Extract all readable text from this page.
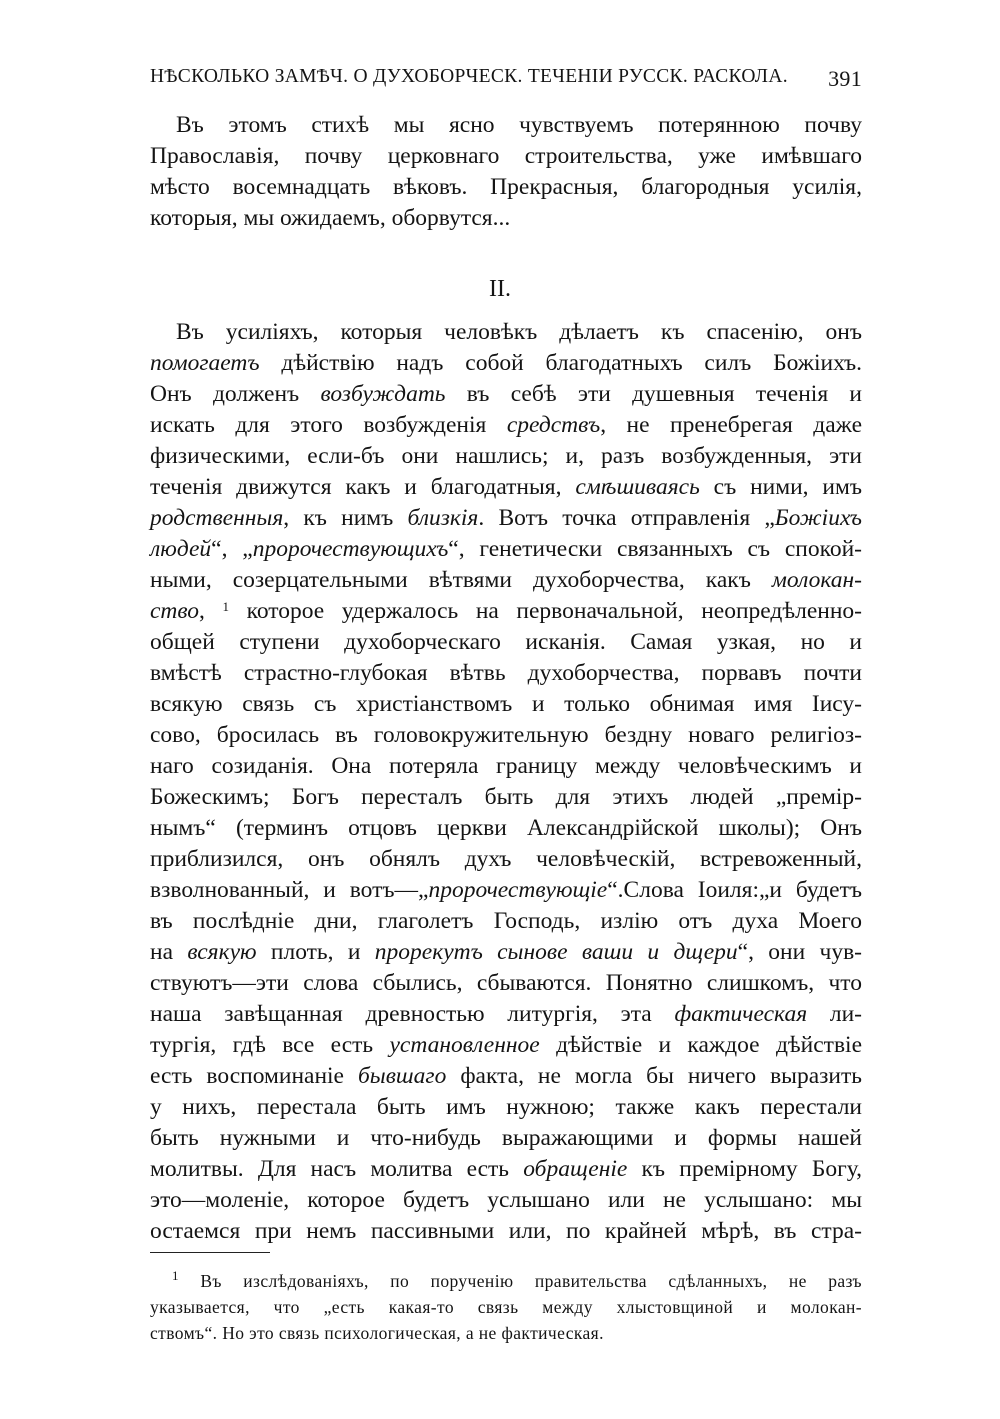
НѢСКОЛЬКО ЗАМѢЧ. О ДУХОБОРЧЕСК. ТЕЧЕНІИ РУССК. РАСКОЛА. 391
Въ этомъ стихѣ мы ясно чувствуемъ потерянною почву
Православія, почву церковнаго строительства, уже имѣвшаго
мѣсто восемнадцать вѣковъ. Прекрасныя, благородныя усилія,
которыя, мы ожидаемъ, оборвутся...
II.
Въ усиліяхъ, которыя человѣкъ дѣлаетъ къ спасенію, онъ
помогаетъ дѣйствію надъ собой благодатныхъ силъ Божіихъ.
Онъ долженъ возбуждать въ себѣ эти душевныя теченія и
искать для этого возбужденія средствъ, не пренебрегая даже
физическими, если-бъ они нашлись; и, разъ возбужденныя, эти
теченія движутся какъ и благодатныя, смѣшиваясь съ ними, имъ
родственныя, къ нимъ близкія. Вотъ точка отправленія „Божіихъ
людей“, „пророчествующихъ“, генетически связанныхъ съ спокой-
ными, созерцательными вѣтвями духоборчества, какъ молокан-
ство, $^1$ которое удержалось на первоначальной, неопредѣленно-
общей ступени духоборческаго исканія. Самая узкая, но и
вмѣстѣ страстно-глубокая вѣтвь духоборчества, порвавъ почти
всякую связь съ христіанствомъ и только обнимая имя Іису-
сово, бросилась въ головокружительную бездну новаго религіоз-
наго созиданія. Она потеряла границу между человѣческимъ и
Божескимъ; Богъ пересталъ быть для этихъ людей „премір-
нымъ“ (терминъ отцовъ церкви Александрійской школы); Онъ
приблизился, онъ обнялъ духъ человѣческій, встревоженный,
взволнованный, и вотъ—„пророчествующіе“.Слова Іоиля:„и будетъ
въ послѣдніе дни, глаголетъ Господь, излію отъ духа Моего
на всякую плоть, и прорекутъ сынове ваши и дщери“, они чув-
ствуютъ—эти слова сбылись, сбываются. Понятно слишкомъ, что
наша завѣщанная древностью литургія, эта фактическая ли-
тургія, гдѣ все есть установленное дѣйствіе и каждое дѣйствіе
есть воспоминаніе бывшаго факта, не могла бы ничего выразить
у нихъ, перестала быть имъ нужною; также какъ перестали
быть нужными и что-нибудь выражающими и формы нашей
молитвы. Для насъ молитва есть обращеніе къ премірному Богу,
это—моленіе, которое будетъ услышано или не услышано: мы
остаемся при немъ пассивными или, по крайней мѣрѣ, въ стра-
$^1$ Въ изслѣдованіяхъ, по порученію правительства сдѣланныхъ, не разъ
указывается, что „есть какая-то связь между хлыстовщиной и молокан-
ствомъ“. Но это связь психологическая, а не фактическая.
